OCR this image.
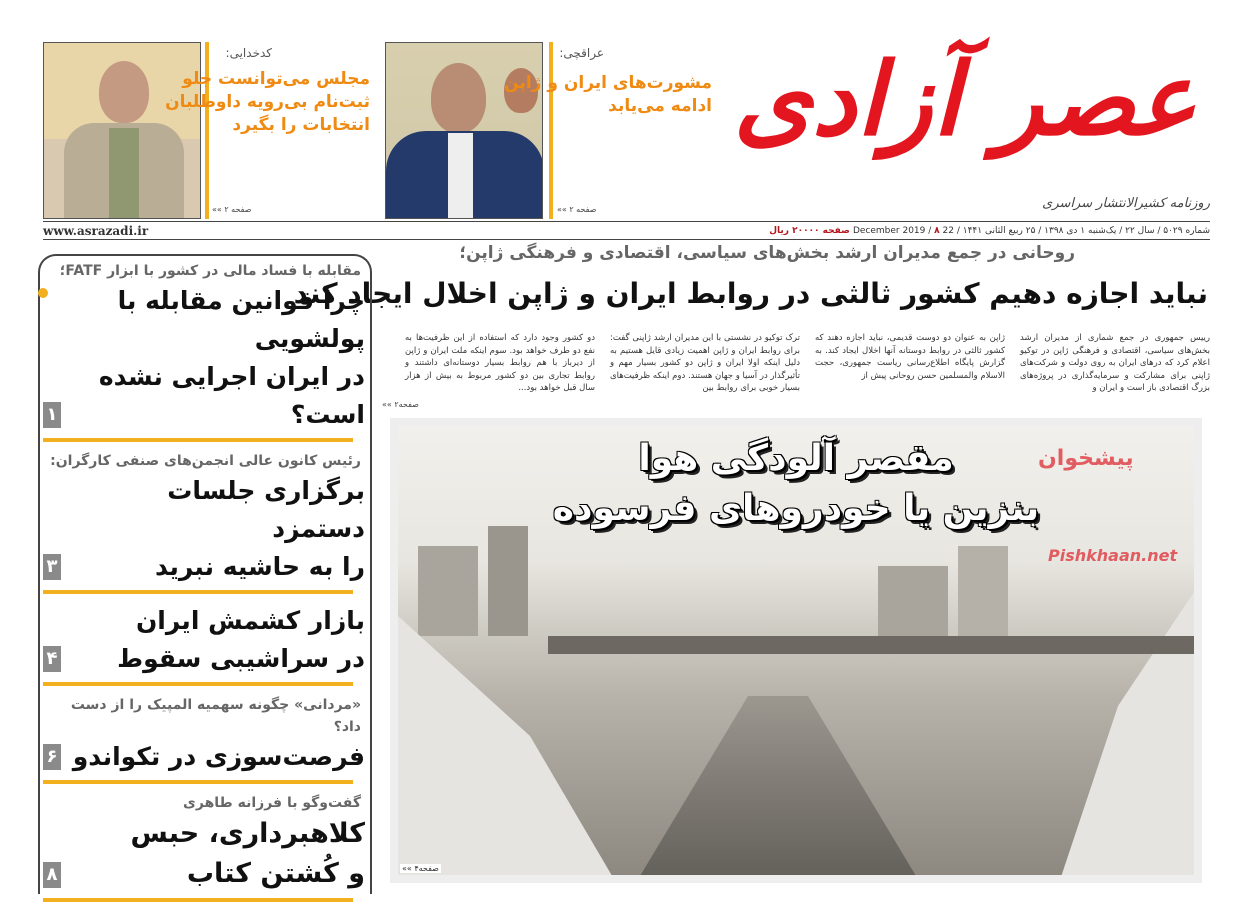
کدخدایی:
مجلس می‌توانست جلو
ثبت‌نام بی‌رویه داوطلبان
انتخابات را بگیرد
صفحه ۲ »»
عراقچی:
مشورت‌های ایران و ژاپن
ادامه می‌یابد
صفحه ۲ »»
عصر آزادی
روزنامه کشیرالانتشار سراسری
www.asrazadi.ir	شماره ۵۰۲۹ / سال ۲۲ / یک‌شنبه ۱ دی ۱۳۹۸ / ۲۵ ربیع الثانی ۱۴۴۱ / 22 December 2019 / ۸ صفحه ۲۰۰۰۰ ریال
روحانی در جمع مدیران ارشد بخش‌های سیاسی، اقتصادی و فرهنگی ژاپن؛
نباید اجازه دهیم کشور ثالثی در روابط ایران و ژاپن اخلال ایجاد کند
رییس جمهوری در جمع شماری از مدیران ارشد بخش‌های سیاسی، اقتصادی و فرهنگی ژاپن در توکیو اعلام کرد که درهای ایران به روی دولت و شرکت‌های ژاپنی برای مشارکت و سرمایه‌گذاری در پروژه‌های بزرگ اقتصادی باز است و ایران و
ژاپن به عنوان دو دوست قدیمی، نباید اجازه دهند که کشور ثالثی در روابط دوستانه آنها اخلال ایجاد کند. به گزارش پایگاه اطلاع‌رسانی ریاست جمهوری، حجت الاسلام والمسلمین حسن روحانی پیش از
ترک توکیو در نشستی با این مدیران ارشد ژاپنی گفت: برای روابط ایران و ژاپن اهمیت زیادی قایل هستیم به دلیل اینکه اولا ایران و ژاپن دو کشور بسیار مهم و تأثیرگذار در آسیا و جهان هستند. دوم اینکه ظرفیت‌های بسیار خوبی برای روابط بین
دو کشور وجود دارد که استفاده از این ظرفیت‌ها به نفع دو طرف خواهد بود. سوم اینکه ملت ایران و ژاپن از دیرباز با هم روابط بسیار دوستانه‌ای داشتند و روابط تجاری بین دو کشور مربوط به بیش از هزار سال قبل خواهد بود...
صفحه۲ »»
مقصر آلودگی هوا
بنزین یا خودروهای فرسوده
پیشخوان
Pishkhaan.net
صفحه۴ »»
مقابله با فساد مالی در کشور با ابزار FATF؛
۱
چرا قوانین مقابله با پولشویی
در ایران اجرایی نشده است؟
رئیس کانون عالی انجمن‌های صنفی کارگران:
۳
برگزاری جلسات دستمزد
را به حاشیه نبرید
۴
بازار کشمش ایران
در سراشیبی سقوط
«مردانی» چگونه سهمیه المپیک را از دست داد؟
۶ فرصت‌سوزی در تکواندو
گفت‌وگو با فرزانه طاهری
۸
کلاهبرداری، حبس
و کُشتن کتاب
